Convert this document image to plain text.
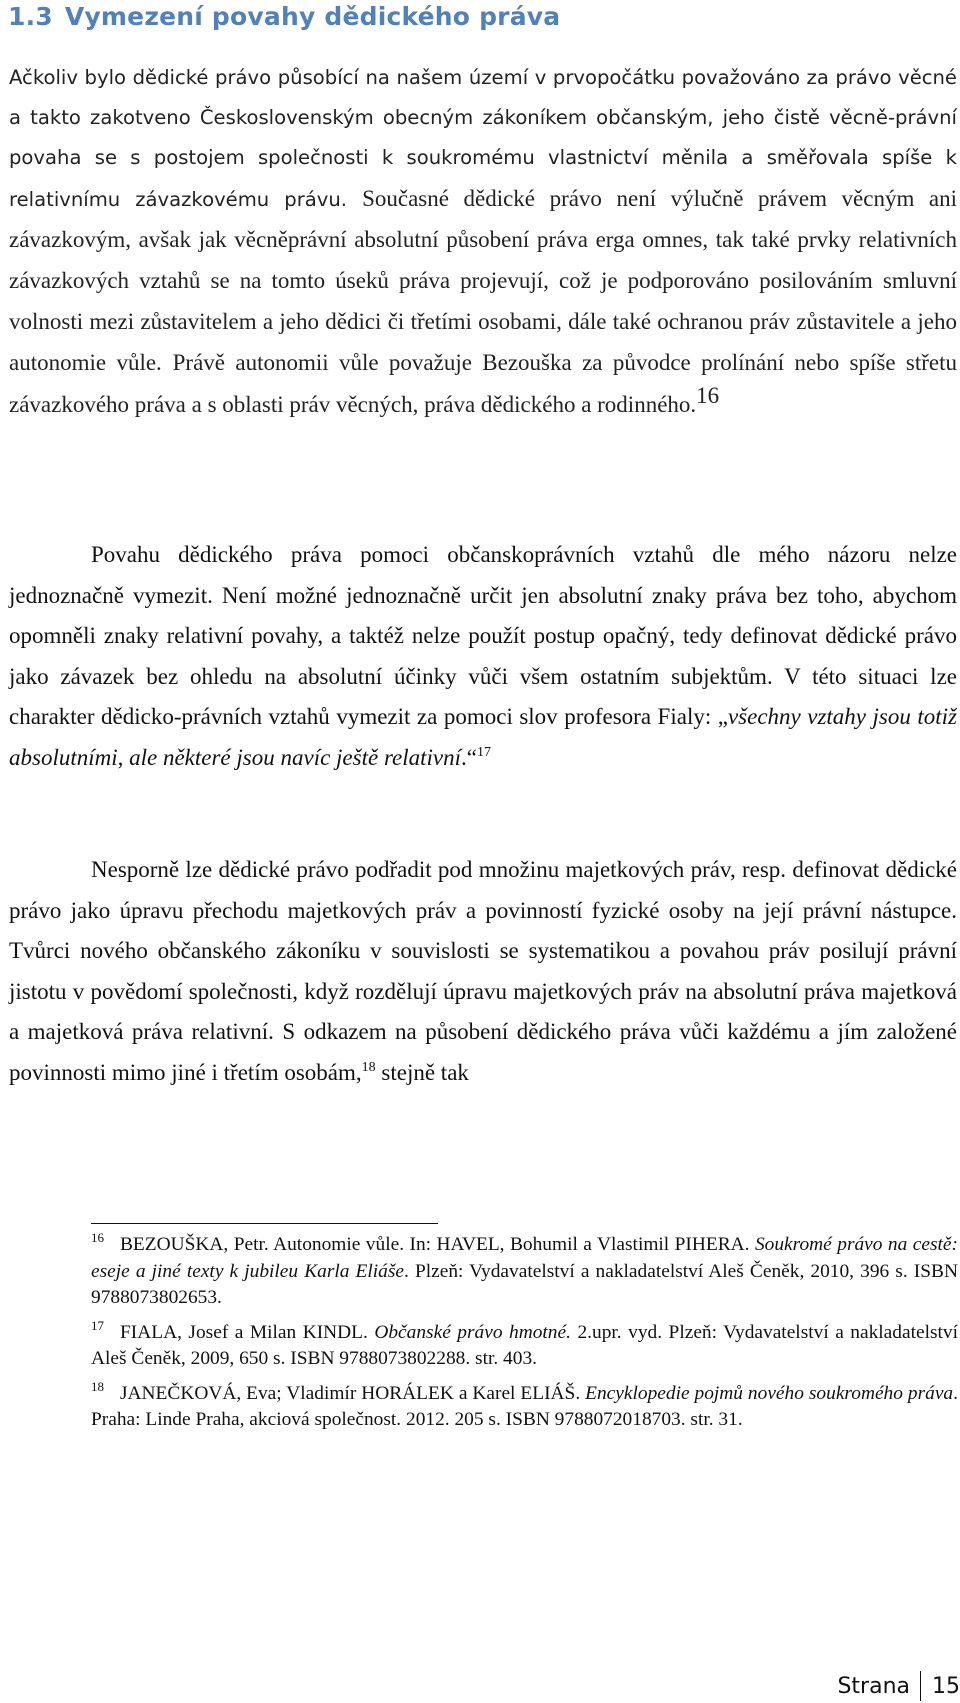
1.3 Vymezení povahy dědického práva

Ačkoliv bylo dědické právo působící na našem území v prvopočátku považováno za právo věcné a takto zakotveno Československým obecným zákoníkem občanským, jeho čistě věcně-právní povaha se s postojem společnosti k soukromému vlastnictví měnila a směřovala spíše k relativnímu závazkovému právu. Současné dědické právo není výlučně právem věcným ani závazkovým, avšak jak věcněprávní absolutní působení práva erga omnes, tak také prvky relativních závazkových vztahů se na tomto úseků práva projevují, což je podporováno posilováním smluvní volnosti mezi zůstavitelem a jeho dědici či třetími osobami, dále také ochranou práv zůstavitele a jeho autonomie vůle. Právě autonomii vůle považuje Bezouška za původce prolínání nebo spíše střetu závazkového práva a s oblasti práv věcných, práva dědického a rodinného.$^{16}$

Povahu dědického práva pomoci občanskoprávních vztahů dle mého názoru nelze jednoznačně vymezit. Není možné jednoznačně určit jen absolutní znaky práva bez toho, abychom opomněli znaky relativní povahy, a taktéž nelze použít postup opačný, tedy definovat dědické právo jako závazek bez ohledu na absolutní účinky vůči všem ostatním subjektům. V této situaci lze charakter dědicko-právních vztahů vymezit za pomoci slov profesora Fialy: „všechny vztahy jsou totiž absolutními, ale některé jsou navíc ještě relativní.“$^{17}$

Nesporně lze dědické právo podřadit pod množinu majetkových práv, resp. definovat dědické právo jako úpravu přechodu majetkových práv a povinností fyzické osoby na její právní nástupce. Tvůrci nového občanského zákoníku v souvislosti se systematikou a povahou práv posilují právní jistotu v povědomí společnosti, když rozdělují úpravu majetkových práv na absolutní práva majetková a majetková práva relativní. S odkazem na působení dědického práva vůči každému a jím založené povinnosti mimo jiné i třetím osobám,$^{18}$ stejně tak

$^{16}$ BEZOUŠKA, Petr. Autonomie vůle. In: HAVEL, Bohumil a Vlastimil PIHERA. Soukromé právo na cestě: eseje a jiné texty k jubileu Karla Eliáše. Plzeň: Vydavatelství a nakladatelství Aleš Čeněk, 2010, 396 s. ISBN 9788073802653.

$^{17}$ FIALA, Josef a Milan KINDL. Občanské právo hmotné. 2.upr. vyd. Plzeň: Vydavatelství a nakladatelství Aleš Čeněk, 2009, 650 s. ISBN 9788073802288. str. 403.

$^{18}$ JANEČKOVÁ, Eva; Vladimír HORÁLEK a Karel ELIÁŠ. Encyklopedie pojmů nového soukromého práva. Praha: Linde Praha, akciová společnost. 2012. 205 s. ISBN 9788072018703. str. 31.

Strana 15
